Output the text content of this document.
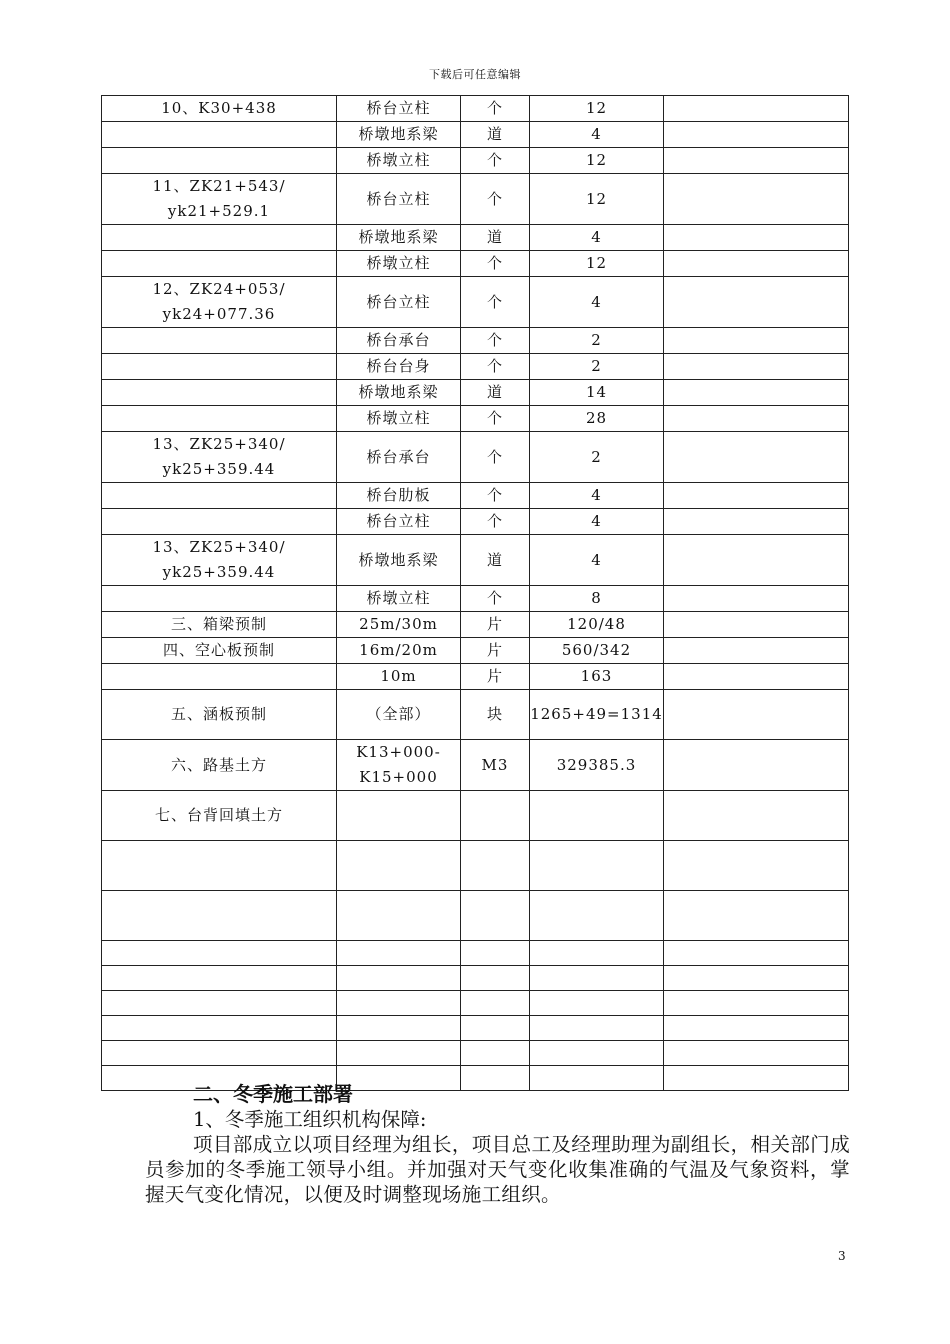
下载后可任意编辑
10、K30+438	桥台立柱	个	12	
	桥墩地系梁	道	4	
	桥墩立柱	个	12	
11、ZK21+543/
yk21+529.1	桥台立柱	个	12	
	桥墩地系梁	道	4	
	桥墩立柱	个	12	
12、ZK24+053/
yk24+077.36	桥台立柱	个	4	
	桥台承台	个	2	
	桥台台身	个	2	
	桥墩地系梁	道	14	
	桥墩立柱	个	28	
13、ZK25+340/
yk25+359.44	桥台承台	个	2	
	桥台肋板	个	4	
	桥台立柱	个	4	
13、ZK25+340/
yk25+359.44	桥墩地系梁	道	4	
	桥墩立柱	个	8	
三、箱梁预制	25m/30m	片	120/48	
四、空心板预制	16m/20m	片	560/342	
	10m	片	163	
五、涵板预制	（全部）	块	1265+49=1314	
六、路基土方	K13+000-
K15+000	M3	329385.3	
七、台背回填土方				

二、冬季施工部署
1、冬季施工组织机构保障:
项目部成立以项目经理为组长，项目总工及经理助理为副组长，相关部门成员参加的冬季施工领导小组。并加强对天气变化收集准确的气温及气象资料，掌握天气变化情况，以便及时调整现场施工组织。
3
